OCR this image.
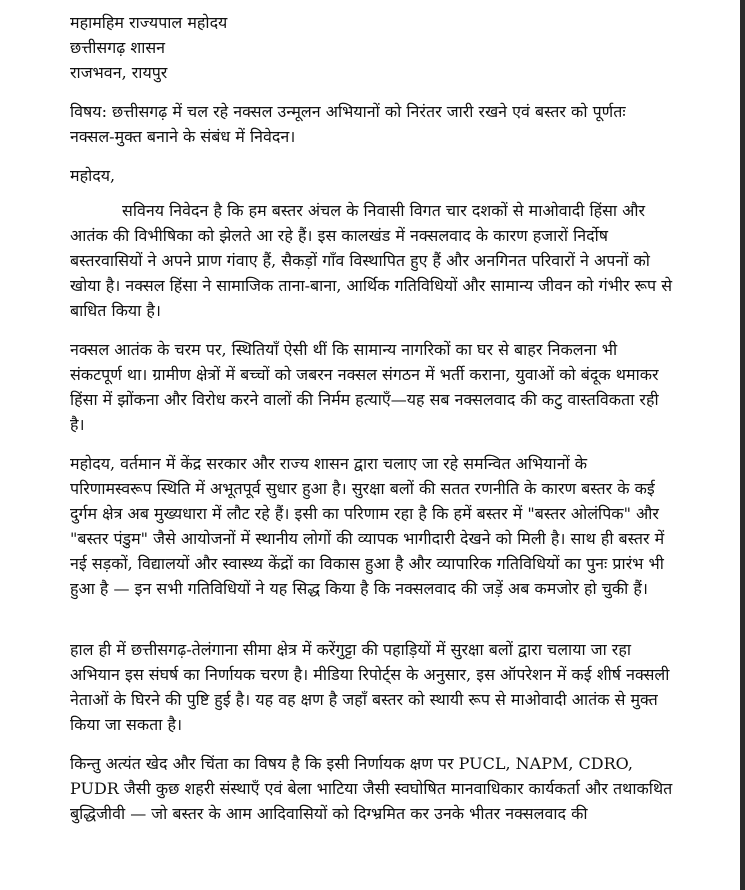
महामहिम राज्यपाल महोदय

छत्तीसगढ़ शासन

राजभवन, रायपुर

विषय: छत्तीसगढ़ में चल रहे नक्सल उन्मूलन अभियानों को निरंतर जारी रखने एवं बस्तर को पूर्णतः नक्सल-मुक्त बनाने के संबंध में निवेदन।

महोदय,

सविनय निवेदन है कि हम बस्तर अंचल के निवासी विगत चार दशकों से माओवादी हिंसा और आतंक की विभीषिका को झेलते आ रहे हैं। इस कालखंड में नक्सलवाद के कारण हजारों निर्दोष बस्तरवासियों ने अपने प्राण गंवाए हैं, सैकड़ों गाँव विस्थापित हुए हैं और अनगिनत परिवारों ने अपनों को खोया है। नक्सल हिंसा ने सामाजिक ताना-बाना, आर्थिक गतिविधियों और सामान्य जीवन को गंभीर रूप से बाधित किया है।

नक्सल आतंक के चरम पर, स्थितियाँ ऐसी थीं कि सामान्य नागरिकों का घर से बाहर निकलना भी संकटपूर्ण था। ग्रामीण क्षेत्रों में बच्चों को जबरन नक्सल संगठन में भर्ती कराना, युवाओं को बंदूक थमाकर हिंसा में झोंकना और विरोध करने वालों की निर्मम हत्याएँ—यह सब नक्सलवाद की कटु वास्तविकता रही है।

महोदय, वर्तमान में केंद्र सरकार और राज्य शासन द्वारा चलाए जा रहे समन्वित अभियानों के परिणामस्वरूप स्थिति में अभूतपूर्व सुधार हुआ है। सुरक्षा बलों की सतत रणनीति के कारण बस्तर के कई दुर्गम क्षेत्र अब मुख्यधारा में लौट रहे हैं। इसी का परिणाम रहा है कि हमें बस्तर में "बस्तर ओलंपिक" और "बस्तर पंडुम" जैसे आयोजनों में स्थानीय लोगों की व्यापक भागीदारी देखने को मिली है। साथ ही बस्तर में नई सड़कों, विद्यालयों और स्वास्थ्य केंद्रों का विकास हुआ है और व्यापारिक गतिविधियों का पुनः प्रारंभ भी हुआ है — इन सभी गतिविधियों ने यह सिद्ध किया है कि नक्सलवाद की जड़ें अब कमजोर हो चुकी हैं।

हाल ही में छत्तीसगढ़-तेलंगाना सीमा क्षेत्र में करेंगुट्टा की पहाड़ियों में सुरक्षा बलों द्वारा चलाया जा रहा अभियान इस संघर्ष का निर्णायक चरण है। मीडिया रिपोर्ट्स के अनुसार, इस ऑपरेशन में कई शीर्ष नक्सली नेताओं के घिरने की पुष्टि हुई है। यह वह क्षण है जहाँ बस्तर को स्थायी रूप से माओवादी आतंक से मुक्त किया जा सकता है।

किन्तु अत्यंत खेद और चिंता का विषय है कि इसी निर्णायक क्षण पर PUCL, NAPM, CDRO, PUDR जैसी कुछ शहरी संस्थाएँ एवं बेला भाटिया जैसी स्वघोषित मानवाधिकार कार्यकर्ता और तथाकथित बुद्धिजीवी — जो बस्तर के आम आदिवासियों को दिग्भ्रमित कर उनके भीतर नक्सलवाद की
